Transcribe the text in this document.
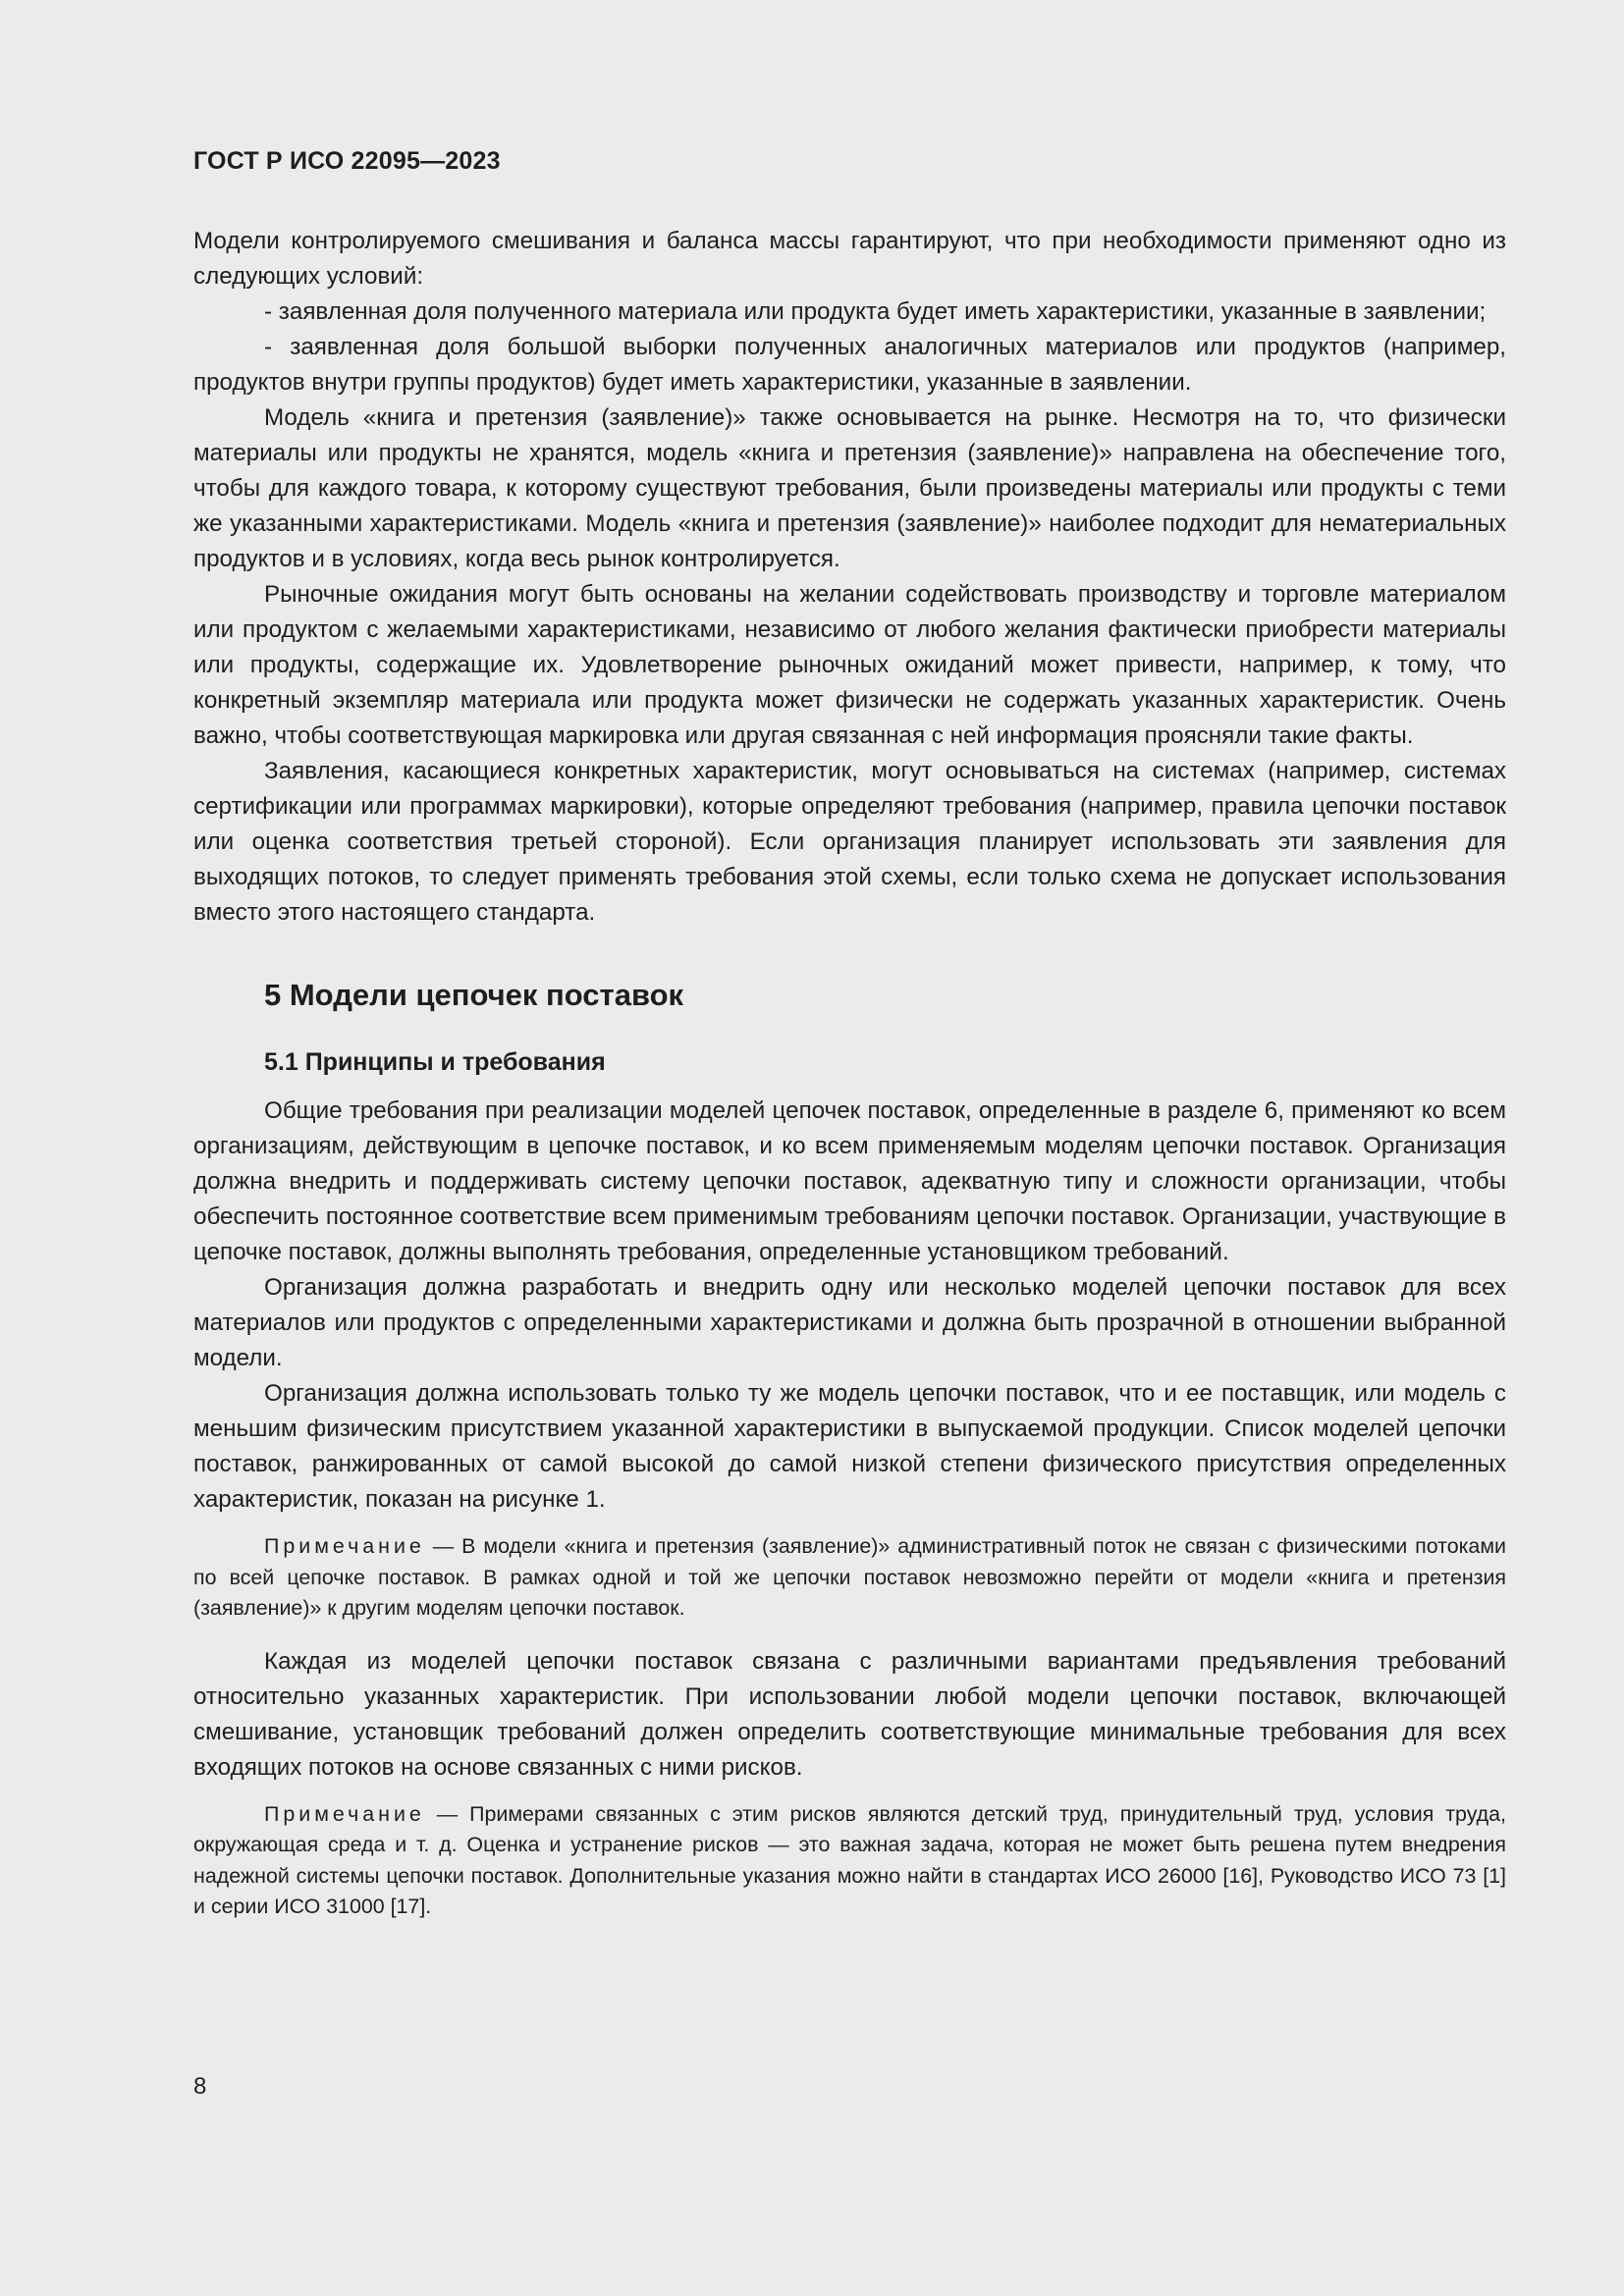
ГОСТ Р ИСО 22095—2023

Модели контролируемого смешивания и баланса массы гарантируют, что при необходимости применяют одно из следующих условий:

- заявленная доля полученного материала или продукта будет иметь характеристики, указанные в заявлении;

- заявленная доля большой выборки полученных аналогичных материалов или продуктов (например, продуктов внутри группы продуктов) будет иметь характеристики, указанные в заявлении.

Модель «книга и претензия (заявление)» также основывается на рынке. Несмотря на то, что физически материалы или продукты не хранятся, модель «книга и претензия (заявление)» направлена на обеспечение того, чтобы для каждого товара, к которому существуют требования, были произведены материалы или продукты с теми же указанными характеристиками. Модель «книга и претензия (заявление)» наиболее подходит для нематериальных продуктов и в условиях, когда весь рынок контролируется.

Рыночные ожидания могут быть основаны на желании содействовать производству и торговле материалом или продуктом с желаемыми характеристиками, независимо от любого желания фактически приобрести материалы или продукты, содержащие их. Удовлетворение рыночных ожиданий может привести, например, к тому, что конкретный экземпляр материала или продукта может физически не содержать указанных характеристик. Очень важно, чтобы соответствующая маркировка или другая связанная с ней информация проясняли такие факты.

Заявления, касающиеся конкретных характеристик, могут основываться на системах (например, системах сертификации или программах маркировки), которые определяют требования (например, правила цепочки поставок или оценка соответствия третьей стороной). Если организация планирует использовать эти заявления для выходящих потоков, то следует применять требования этой схемы, если только схема не допускает использования вместо этого настоящего стандарта.

5 Модели цепочек поставок
5.1 Принципы и требования

Общие требования при реализации моделей цепочек поставок, определенные в разделе 6, применяют ко всем организациям, действующим в цепочке поставок, и ко всем применяемым моделям цепочки поставок. Организация должна внедрить и поддерживать систему цепочки поставок, адекватную типу и сложности организации, чтобы обеспечить постоянное соответствие всем применимым требованиям цепочки поставок. Организации, участвующие в цепочке поставок, должны выполнять требования, определенные установщиком требований.

Организация должна разработать и внедрить одну или несколько моделей цепочки поставок для всех материалов или продуктов с определенными характеристиками и должна быть прозрачной в отношении выбранной модели.

Организация должна использовать только ту же модель цепочки поставок, что и ее поставщик, или модель с меньшим физическим присутствием указанной характеристики в выпускаемой продукции. Список моделей цепочки поставок, ранжированных от самой высокой до самой низкой степени физического присутствия определенных характеристик, показан на рисунке 1.

Примечание — В модели «книга и претензия (заявление)» административный поток не связан с физическими потоками по всей цепочке поставок. В рамках одной и той же цепочки поставок невозможно перейти от модели «книга и претензия (заявление)» к другим моделям цепочки поставок.

Каждая из моделей цепочки поставок связана с различными вариантами предъявления требований относительно указанных характеристик. При использовании любой модели цепочки поставок, включающей смешивание, установщик требований должен определить соответствующие минимальные требования для всех входящих потоков на основе связанных с ними рисков.

Примечание — Примерами связанных с этим рисков являются детский труд, принудительный труд, условия труда, окружающая среда и т. д. Оценка и устранение рисков — это важная задача, которая не может быть решена путем внедрения надежной системы цепочки поставок. Дополнительные указания можно найти в стандартах ИСО 26000 [16], Руководство ИСО 73 [1] и серии ИСО 31000 [17].

8
